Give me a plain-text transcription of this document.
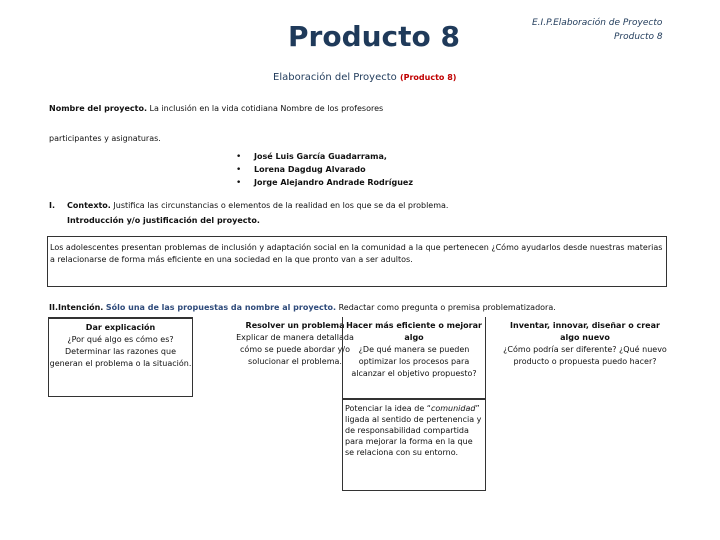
Producto 8	E.I.P.Elaboración de Proyecto
Producto 8
Elaboración del Proyecto (Producto 8)
Nombre del proyecto. La inclusión en la vida cotidiana Nombre de los profesores
participantes y asignaturas.
•	José Luis García Guadarrama,
•	Lorena Dagdug Alvarado
•	Jorge Alejandro Andrade Rodríguez
I. Contexto. Justifica las circunstancias o elementos de la realidad en los que se da el problema.
Introducción y/o justificación del proyecto.
Los adolescentes presentan problemas de inclusión y adaptación social en la comunidad a la que pertenecen ¿Cómo ayudarlos desde nuestras materias a relacionarse de forma más eficiente en una sociedad en la que pronto van a ser adultos.
II.Intención. Sólo una de las propuestas da nombre al proyecto. Redactar como pregunta o premisa problematizadora.
Dar explicación
¿Por qué algo es cómo es? Determinar las razones que generan el problema o la situación.
Resolver un problema
Explicar de manera detallada cómo se puede abordar y/o solucionar el problema.
Hacer más eficiente o mejorar algo
¿De qué manera se pueden optimizar los procesos para alcanzar el objetivo propuesto?
Inventar, innovar, diseñar o crear algo nuevo
¿Cómo podría ser diferente? ¿Qué nuevo producto o propuesta puedo hacer?
Potenciar la idea de “comunidad” ligada al sentido de pertenencia y de responsabilidad compartida para mejorar la forma en la que se relaciona con su entorno.
